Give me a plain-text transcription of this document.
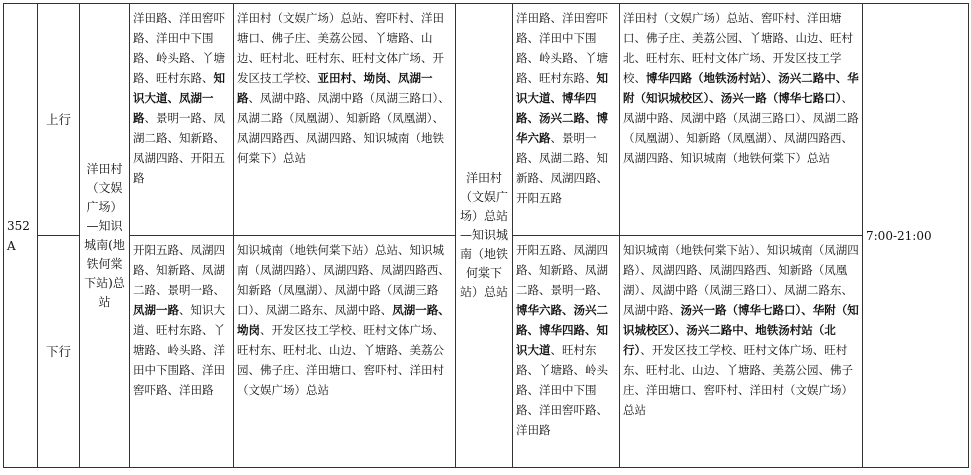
352
A	上行	洋田村（文娱广场）—知识城南(地铁何棠下站)总站	洋田路、洋田窖吓路、洋田中下围路、岭头路、丫塘路、旺村东路、知识大道、凤湖一路、景明一路、凤湖二路、知新路、凤湖四路、开阳五路	洋田村（文娱广场）总站、窖吓村、洋田塘口、佛子庄、美荔公园、丫塘路、山边、旺村北、旺村东、旺村文体广场、开发区技工学校、亚田村、坳岗、凤湖一路、凤湖中路、凤湖中路（凤湖三路口）、凤湖二路（凤凰湖）、知新路（凤凰湖）、凤湖四路西、凤湖四路、知识城南（地铁何棠下）总站	洋田村（文娱广场）总站—知识城南（地铁何棠下站）总站	洋田路、洋田窖吓路、洋田中下围路、岭头路、丫塘路、旺村东路、知识大道、博华四路、汤兴二路、博华六路、景明一路、凤湖二路、知新路、凤湖四路、开阳五路	洋田村（文娱广场）总站、窖吓村、洋田塘口、佛子庄、美荔公园、丫塘路、山边、旺村北、旺村东、旺村文体广场、开发区技工学校、博华四路（地铁汤村站）、汤兴二路中、华附（知识城校区）、汤兴一路（博华七路口）、凤湖中路、凤湖中路（凤湖三路口）、凤湖二路（凤凰湖）、知新路（凤凰湖）、凤湖四路西、凤湖四路、知识城南（地铁何棠下）总站	7:00-21:00
	下行		开阳五路、凤湖四路、知新路、凤湖二路、景明一路、凤湖一路、知识大道、旺村东路、丫塘路、岭头路、洋田中下围路、洋田窖吓路、洋田路	知识城南（地铁何棠下站）总站、知识城南（凤湖四路）、凤湖四路、凤湖四路西、知新路（凤凰湖）、凤湖中路（凤湖三路口）、凤湖二路东、凤湖中路、凤湖一路、坳岗、开发区技工学校、旺村文体广场、旺村东、旺村北、山边、丫塘路、美荔公园、佛子庄、洋田塘口、窖吓村、洋田村（文娱广场）总站		开阳五路、凤湖四路、知新路、凤湖二路、景明一路、博华六路、汤兴二路、博华四路、知识大道、旺村东路、丫塘路、岭头路、洋田中下围路、洋田窖吓路、洋田路	知识城南（地铁何棠下站）、知识城南（凤湖四路）、凤湖四路、凤湖四路西、知新路（凤凰湖）、凤湖中路（凤湖三路口）、凤湖二路东、凤湖中路、汤兴一路（博华七路口）、华附（知识城校区）、汤兴二路中、地铁汤村站（北行）、开发区技工学校、旺村文体广场、旺村东、旺村北、山边、丫塘路、美荔公园、佛子庄、洋田塘口、窖吓村、洋田村（文娱广场）总站	
